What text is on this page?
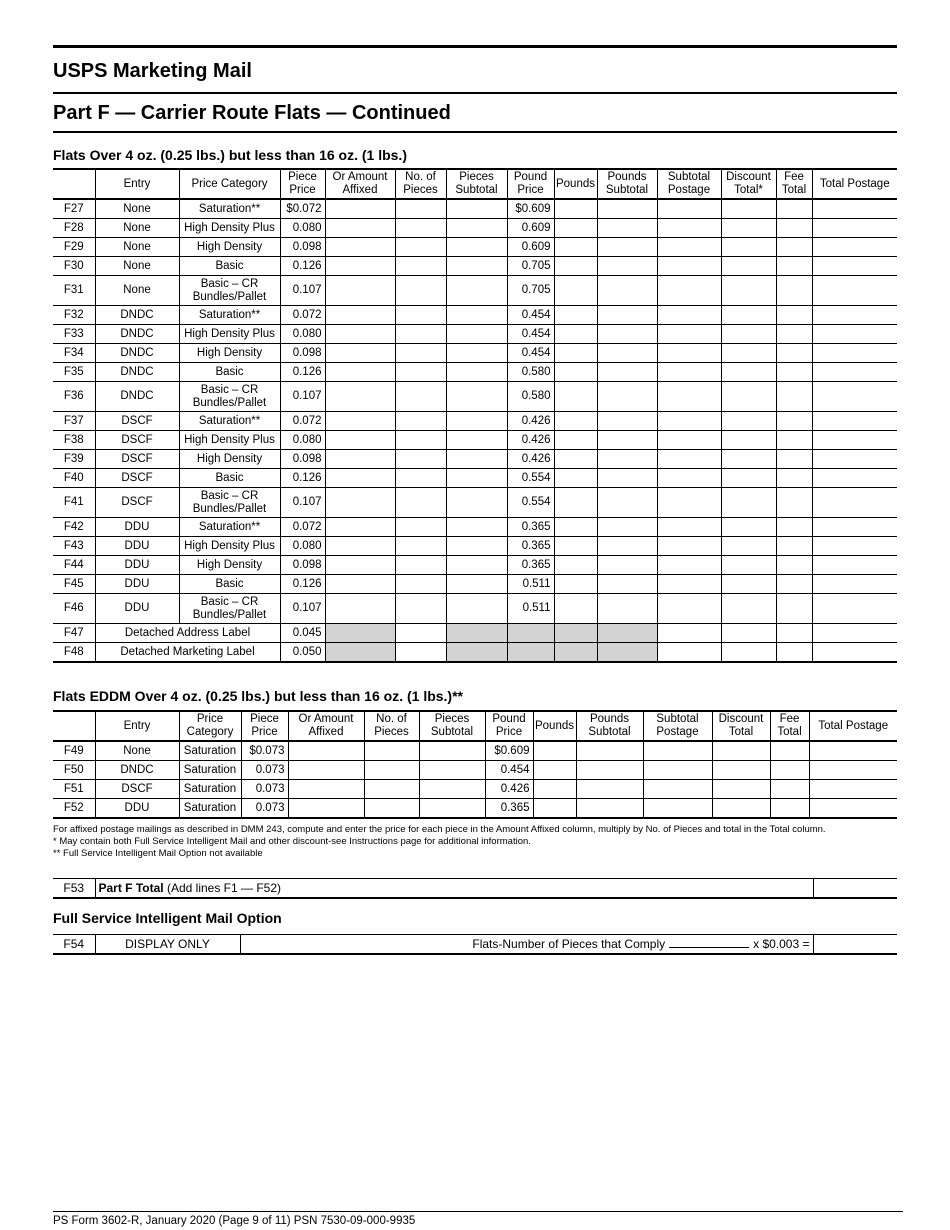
USPS Marketing Mail
Part F — Carrier Route Flats — Continued
Flats Over 4 oz. (0.25 lbs.) but less than 16 oz. (1 lbs.)
	Entry	Price Category	Piece Price	Or Amount Affixed	No. of Pieces	Pieces Subtotal	Pound Price	Pounds	Pounds Subtotal	Subtotal Postage	Discount Total*	Fee Total	Total Postage
F27	None	Saturation**	$0.072				$0.609						
F28	None	High Density Plus	0.080				0.609						
F29	None	High Density	0.098				0.609						
F30	None	Basic	0.126				0.705						
F31	None	Basic – CR Bundles/Pallet	0.107				0.705						
F32	DNDC	Saturation**	0.072				0.454						
F33	DNDC	High Density Plus	0.080				0.454						
F34	DNDC	High Density	0.098				0.454						
F35	DNDC	Basic	0.126				0.580						
F36	DNDC	Basic – CR Bundles/Pallet	0.107				0.580						
F37	DSCF	Saturation**	0.072				0.426						
F38	DSCF	High Density Plus	0.080				0.426						
F39	DSCF	High Density	0.098				0.426						
F40	DSCF	Basic	0.126				0.554						
F41	DSCF	Basic – CR Bundles/Pallet	0.107				0.554						
F42	DDU	Saturation**	0.072				0.365						
F43	DDU	High Density Plus	0.080				0.365						
F44	DDU	High Density	0.098				0.365						
F45	DDU	Basic	0.126				0.511						
F46	DDU	Basic – CR Bundles/Pallet	0.107				0.511						
F47	Detached Address Label		0.045										
F48	Detached Marketing Label		0.050										
Flats EDDM Over 4 oz. (0.25 lbs.) but less than 16 oz. (1 lbs.)**
	Entry	Price Category	Piece Price	Or Amount Affixed	No. of Pieces	Pieces Subtotal	Pound Price	Pounds	Pounds Subtotal	Subtotal Postage	Discount Total	Fee Total	Total Postage
F49	None	Saturation	$0.073				$0.609						
F50	DNDC	Saturation	0.073				0.454						
F51	DSCF	Saturation	0.073				0.426						
F52	DDU	Saturation	0.073				0.365						
For affixed postage mailings as described in DMM 243, compute and enter the price for each piece in the Amount Affixed column, multiply by No. of Pieces and total in the Total column.
* May contain both Full Service Intelligent Mail and other discount-see Instructions page for additional information.
** Full Service Intelligent Mail Option not available
F53	Part F Total (Add lines F1 — F52)	
Full Service Intelligent Mail Option
F54	DISPLAY ONLY	Flats-Number of Pieces that Comply	x $0.003 =	
PS Form 3602-R, January 2020 (Page 9 of 11) PSN 7530-09-000-9935
